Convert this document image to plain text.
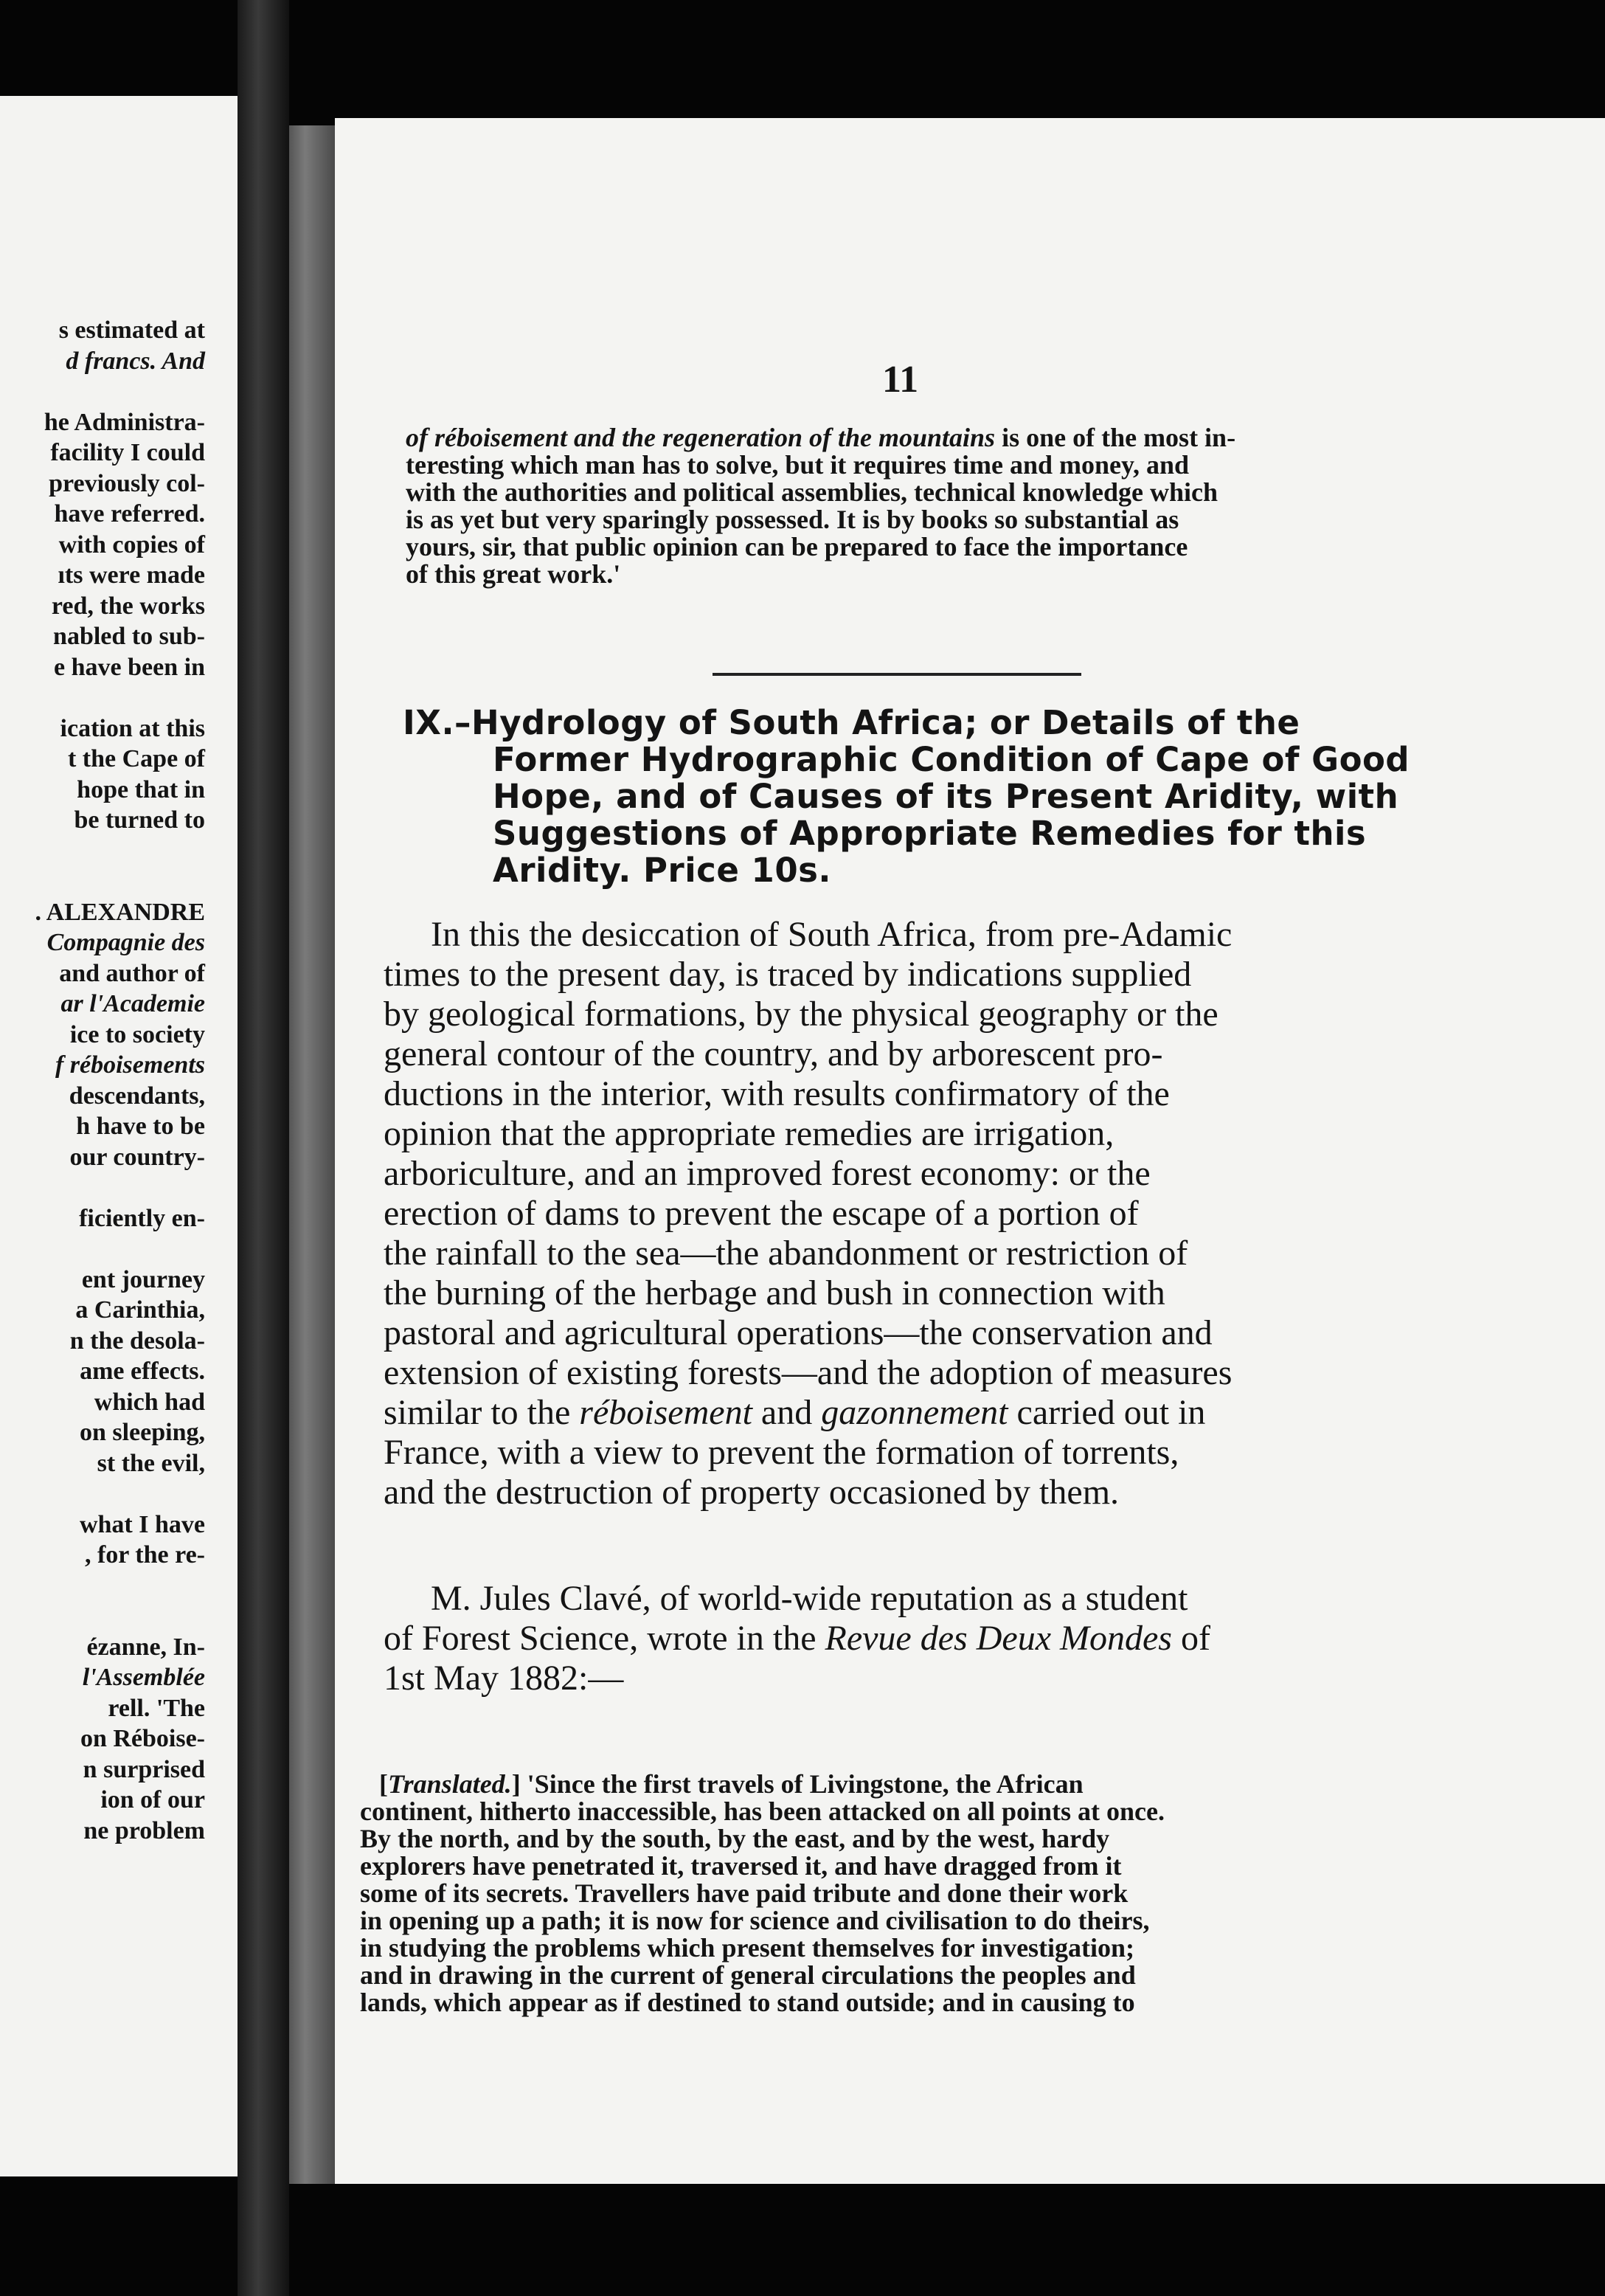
s estimated at
d francs. And
he Administra-
facility I could
previously col-
have referred.
with copies of
ıts were made
red, the works
nabled to sub-
e have been in
ication at this
t the Cape of
hope that in
be turned to
. ALEXANDRE
Compagnie des
and author of
ar l'Academie
ice to society
f réboisements
descendants,
h have to be
our country-
ficiently en-
ent journey
a Carinthia,
n the desola-
ame effects.
which had
on sleeping,
st the evil,
what I have
, for the re-
ézanne, In-
l'Assemblée
rell. 'The
on Réboise-
n surprised
ion of our
ne problem
11
of réboisement and the regeneration of the mountains is one of the most in-
teresting which man has to solve, but it requires time and money, and
with the authorities and political assemblies, technical knowledge which
is as yet but very sparingly possessed. It is by books so substantial as
yours, sir, that public opinion can be prepared to face the importance
of this great work.'
IX.–Hydrology of South Africa; or Details of the
Former Hydrographic Condition of Cape of Good
Hope, and of Causes of its Present Aridity, with
Suggestions of Appropriate Remedies for this
Aridity. Price 10s.
In this the desiccation of South Africa, from pre-Adamic
times to the present day, is traced by indications supplied
by geological formations, by the physical geography or the
general contour of the country, and by arborescent pro-
ductions in the interior, with results confirmatory of the
opinion that the appropriate remedies are irrigation,
arboriculture, and an improved forest economy: or the
erection of dams to prevent the escape of a portion of
the rainfall to the sea—the abandonment or restriction of
the burning of the herbage and bush in connection with
pastoral and agricultural operations—the conservation and
extension of existing forests—and the adoption of measures
similar to the réboisement and gazonnement carried out in
France, with a view to prevent the formation of torrents,
and the destruction of property occasioned by them.
M. Jules Clavé, of world-wide reputation as a student
of Forest Science, wrote in the Revue des Deux Mondes of
1st May 1882:—
[Translated.] 'Since the first travels of Livingstone, the African
continent, hitherto inaccessible, has been attacked on all points at once.
By the north, and by the south, by the east, and by the west, hardy
explorers have penetrated it, traversed it, and have dragged from it
some of its secrets. Travellers have paid tribute and done their work
in opening up a path; it is now for science and civilisation to do theirs,
in studying the problems which present themselves for investigation;
and in drawing in the current of general circulations the peoples and
lands, which appear as if destined to stand outside; and in causing to
